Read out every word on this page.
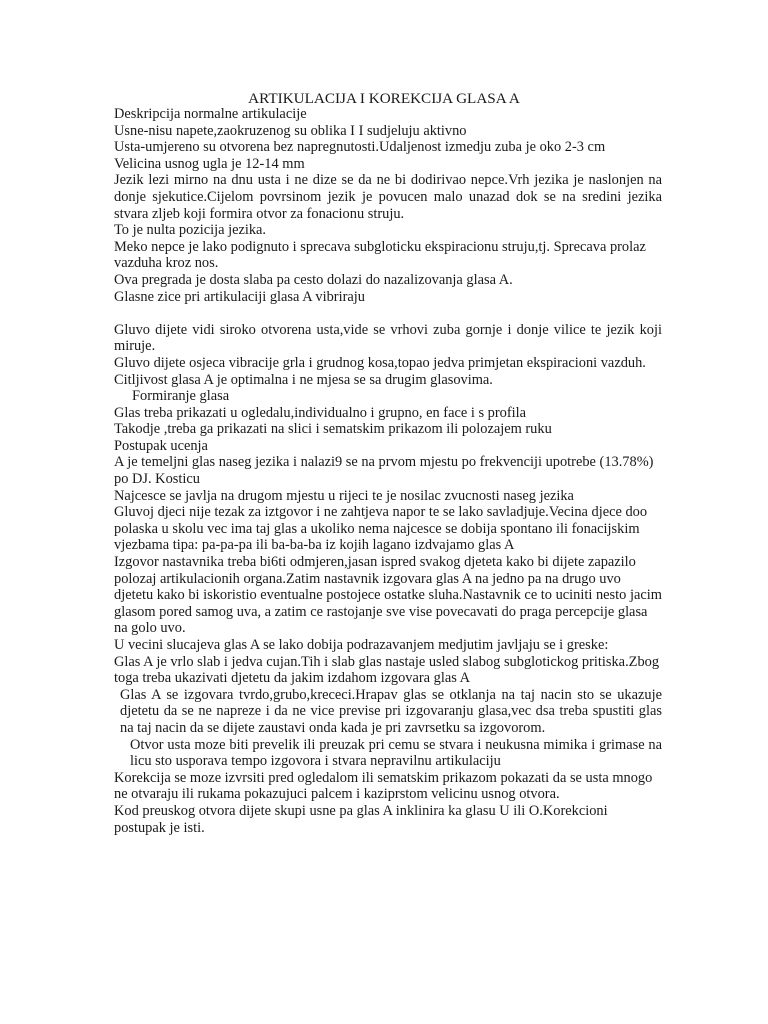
ARTIKULACIJA I KOREKCIJA GLASA A

Deskripcija normalne artikulacije

Usne-nisu napete,zaokruzenog su oblika I I sudjeluju aktivno

Usta-umjereno su otvorena bez napregnutosti.Udaljenost izmedju zuba je oko 2-3 cm

Velicina usnog ugla je 12-14 mm

Jezik lezi mirno na dnu usta i ne dize se da ne bi dodirivao nepce.Vrh jezika je naslonjen na donje sjekutice.Cijelom povrsinom jezik je povucen malo unazad dok se na sredini jezika stvara zljeb koji formira otvor za fonacionu struju.

To je nulta pozicija jezika.

Meko nepce je lako podignuto i sprecava subgloticku ekspiracionu struju,tj. Sprecava prolaz vazduha kroz nos.

Ova pregrada je dosta slaba pa cesto dolazi do nazalizovanja glasa A.

Glasne zice pri artikulaciji glasa A vibriraju

Gluvo dijete vidi siroko otvorena usta,vide se vrhovi zuba gornje i donje vilice te jezik koji miruje.

Gluvo dijete osjeca vibracije grla i grudnog kosa,topao jedva primjetan ekspiracioni vazduh.

Citljivost glasa A je optimalna i ne mjesa se sa drugim glasovima.

Formiranje glasa

Glas treba prikazati u ogledalu,individualno i grupno, en face i s profila

Takodje ,treba ga prikazati na slici i sematskim prikazom ili polozajem ruku

Postupak ucenja

A je temeljni glas naseg jezika i nalazi9 se na prvom mjestu po frekvenciji upotrebe (13.78%) po DJ. Kosticu

Najcesce se javlja na drugom mjestu u rijeci te je nosilac zvucnosti naseg jezika

Gluvoj djeci nije tezak za iztgovor i ne zahtjeva napor te se lako savladjuje.Vecina djece doo polaska u skolu vec ima taj glas a ukoliko nema najcesce se dobija spontano ili fonacijskim vjezbama tipa: pa-pa-pa ili ba-ba-ba iz kojih lagano izdvajamo glas A

Izgovor nastavnika treba bi6ti odmjeren,jasan ispred svakog djeteta kako bi dijete zapazilo polozaj artikulacionih organa.Zatim nastavnik izgovara glas A na jedno pa na drugo uvo djetetu kako bi iskoristio eventualne postojece ostatke sluha.Nastavnik ce to uciniti nesto jacim glasom pored samog uva, a zatim ce rastojanje sve vise povecavati do praga percepcije glasa na golo uvo.

U vecini slucajeva glas A se lako dobija podrazavanjem medjutim javljaju se i greske:

Glas A je vrlo slab i jedva cujan.Tih i slab glas nastaje usled slabog subglotickog pritiska.Zbog toga treba ukazivati djetetu da jakim izdahom izgovara glas A

Glas A se izgovara tvrdo,grubo,krececi.Hrapav glas se otklanja na taj nacin sto se ukazuje djetetu da se ne napreze i da ne vice previse pri izgovaranju glasa,vec dsa treba spustiti glas na taj nacin da se dijete zaustavi onda kada je pri zavrsetku sa izgovorom.

Otvor usta moze biti prevelik ili preuzak pri cemu se stvara i neukusna mimika i grimase na licu sto usporava tempo izgovora i stvara nepravilnu artikulaciju

Korekcija se moze izvrsiti pred ogledalom ili sematskim prikazom pokazati da se usta mnogo ne otvaraju ili rukama pokazujuci palcem i kaziprstom velicinu usnog otvora.

Kod preuskog otvora dijete skupi usne pa glas A inklinira ka glasu U ili O.Korekcioni postupak je isti.
